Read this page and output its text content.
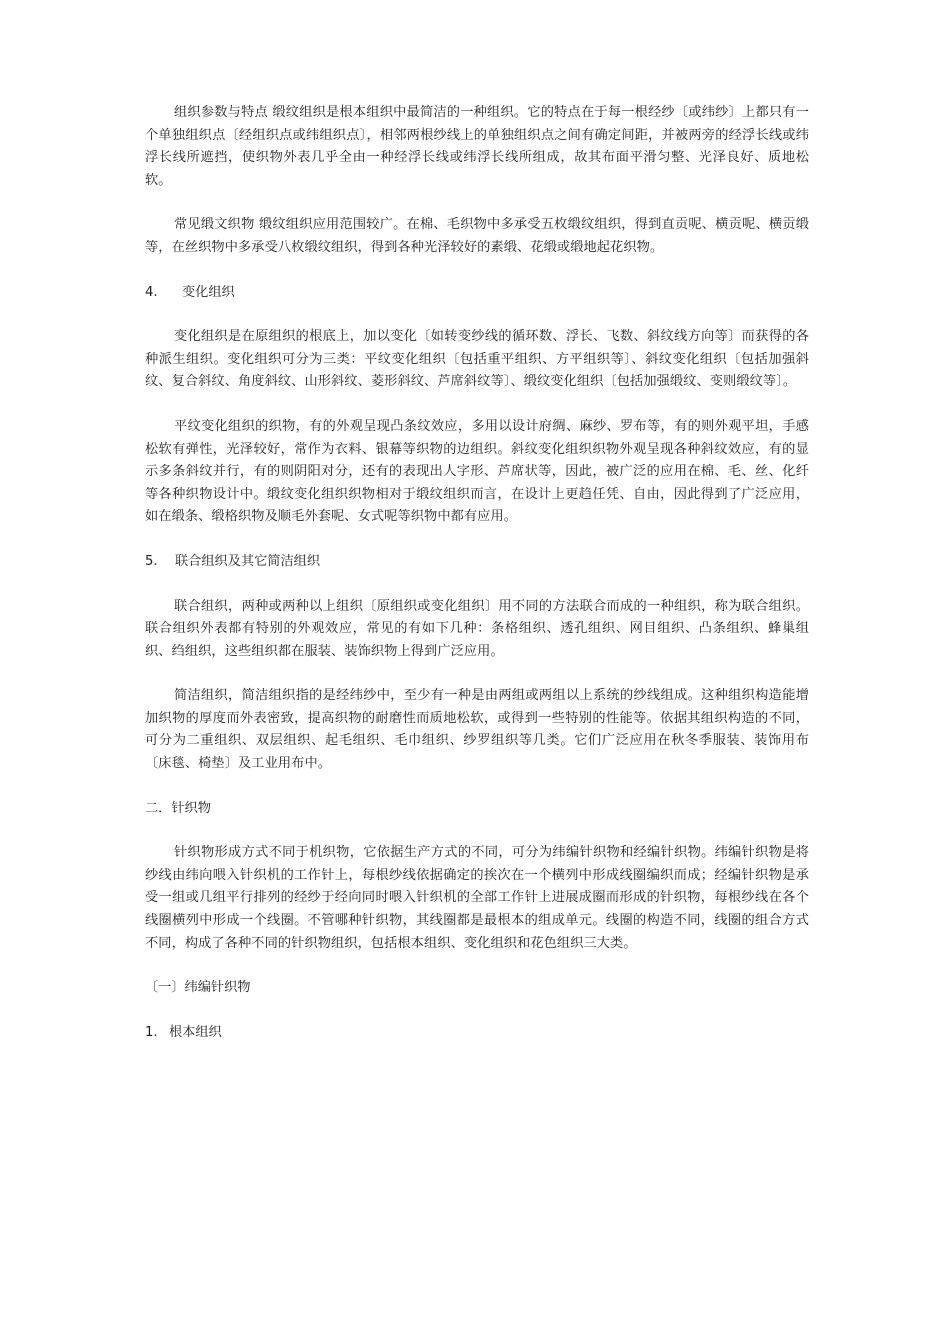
组织参数与特点 缎纹组织是根本组织中最简洁的一种组织。它的特点在于每一根经纱〔或纬纱〕上都只有一个单独组织点〔经组织点或纬组织点〕，相邻两根纱线上的单独组织点之间有确定间距，并被两旁的经浮长线或纬浮长线所遮挡，使织物外表几乎全由一种经浮长线或纬浮长线所组成，故其布面平滑匀整、光泽良好、质地松软。

常见缎文织物 缎纹组织应用范围较广。在棉、毛织物中多承受五枚缎纹组织，得到直贡呢、横贡呢、横贡缎等，在丝织物中多承受八枚缎纹组织，得到各种光泽较好的素缎、花缎或缎地起花织物。

4. 变化组织

变化组织是在原组织的根底上，加以变化〔如转变纱线的循环数、浮长、飞数、斜纹线方向等〕而获得的各种派生组织。变化组织可分为三类：平纹变化组织〔包括重平组织、方平组织等〕、斜纹变化组织〔包括加强斜纹、复合斜纹、角度斜纹、山形斜纹、菱形斜纹、芦席斜纹等〕、缎纹变化组织〔包括加强缎纹、变则缎纹等〕。

平纹变化组织的织物，有的外观呈现凸条纹效应，多用以设计府绸、麻纱、罗布等，有的则外观平坦，手感松软有弹性，光泽较好，常作为衣料、银幕等织物的边组织。斜纹变化组织织物外观呈现各种斜纹效应，有的显示多条斜纹并行，有的则阴阳对分，还有的表现出人字形、芦席状等，因此，被广泛的应用在棉、毛、丝、化纤等各种织物设计中。缎纹变化组织织物相对于缎纹组织而言，在设计上更趋任凭、自由，因此得到了广泛应用，如在缎条、缎格织物及顺毛外套呢、女式呢等织物中都有应用。

5. 联合组织及其它简洁组织

联合组织，两种或两种以上组织〔原组织或变化组织〕用不同的方法联合而成的一种组织，称为联合组织。联合组织外表都有特别的外观效应，常见的有如下几种：条格组织、透孔组织、网目组织、凸条组织、蜂巢组织、绉组织，这些组织都在服装、装饰织物上得到广泛应用。

简洁组织，简洁组织指的是经纬纱中，至少有一种是由两组或两组以上系统的纱线组成。这种组织构造能增加织物的厚度而外表密致，提高织物的耐磨性而质地松软，或得到一些特别的性能等。依据其组织构造的不同，可分为二重组织、双层组织、起毛组织、毛巾组织、纱罗组织等几类。它们广泛应用在秋冬季服装、装饰用布〔床毯、椅垫〕及工业用布中。

二．针织物

针织物形成方式不同于机织物，它依据生产方式的不同，可分为纬编针织物和经编针织物。纬编针织物是将纱线由纬向喂入针织机的工作针上，每根纱线依据确定的挨次在一个横列中形成线圈编织而成；经编针织物是承受一组或几组平行排列的经纱于经向同时喂入针织机的全部工作针上进展成圈而形成的针织物，每根纱线在各个线圈横列中形成一个线圈。不管哪种针织物，其线圈都是最根本的组成单元。线圈的构造不同，线圈的组合方式不同，构成了各种不同的针织物组织，包括根本组织、变化组织和花色组织三大类。

〔一〕纬编针织物
1. 根本组织
